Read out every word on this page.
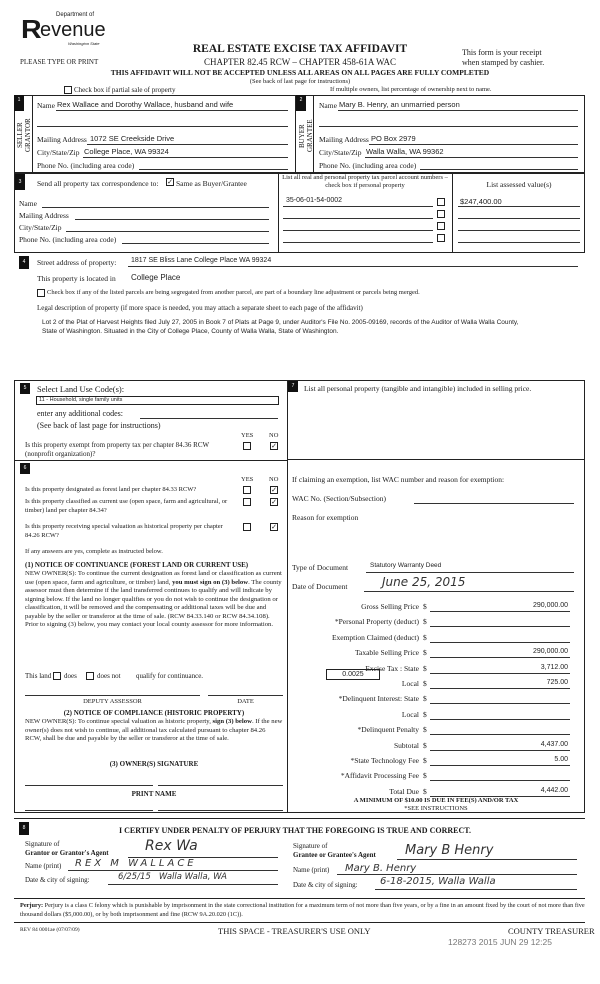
Department of
R
evenue
Washington State
PLEASE TYPE OR PRINT
REAL ESTATE EXCISE TAX AFFIDAVIT
CHAPTER 82.45 RCW – CHAPTER 458-61A WAC
This form is your receipt
when stamped by cashier.
THIS AFFIDAVIT WILL NOT BE ACCEPTED UNLESS ALL AREAS ON ALL PAGES ARE FULLY COMPLETED
(See back of last page for instructions)
Check box if partial sale of property	If multiple owners, list percentage of ownership next to name.
1
SELLER GRANTOR
Name Rex Wallace and Dorothy Wallace, husband and wife
Mailing Address 1072 SE Creekside Drive
City/State/Zip College Place, WA 99324
Phone No. (including area code)
2
BUYER GRANTEE
Name Mary B. Henry, an unmarried person
Mailing Address PO Box 2979
City/State/Zip Walla Walla, WA 99362
Phone No. (including area code)
3	Send all property tax correspondence to: ✓ Same as Buyer/Grantee
Name
Mailing Address
City/State/Zip
Phone No. (including area code)
List all real and personal property tax parcel account numbers – check box if personal property	List assessed value(s)
35-06-01-54-0002	$247,400.00
4	Street address of property: 1817 SE Bliss Lane College Place WA 99324
This property is located in College Place
Check box if any of the listed parcels are being segregated from another parcel, are part of a boundary line adjustment or parcels being merged.
Legal description of property (if more space is needed, you may attach a separate sheet to each page of the affidavit)
Lot 2 of the Plat of Harvest Heights filed July 27, 2005 in Book 7 of Plats at Page 9, under Auditor's File No. 2005-09169, records of the Auditor of Walla Walla County, State of Washington. Situated in the City of College Place, County of Walla Walla, State of Washington.
5	Select Land Use Code(s):
11 - Household, single family units
enter any additional codes:
(See back of last page for instructions)
YES NO
Is this property exempt from property tax per chapter 84.36 RCW (nonprofit organization)?
✓
6
YES NO
Is this property designated as forest land per chapter 84.33 RCW?	✓
Is this property classified as current use (open space, farm and agricultural, or timber) land per chapter 84.34?
✓
Is this property receiving special valuation as historical property per chapter 84.26 RCW?
✓
If any answers are yes, complete as instructed below.
(1) NOTICE OF CONTINUANCE (FOREST LAND OR CURRENT USE)
NEW OWNER(S): To continue the current designation as forest land or classification as current use (open space, farm and agriculture, or timber) land, you must sign on (3) below. The county assessor must then determine if the land transferred continues to qualify and will indicate by signing below. If the land no longer qualifies or you do not wish to continue the designation or classification, it will be removed and the compensating or additional taxes will be due and payable by the seller or transferor at the time of sale. (RCW 84.33.140 or RCW 84.34.108). Prior to signing (3) below, you may contact your local county assessor for more information.
This land does	does not qualify for continuance.
DEPUTY ASSESSOR	DATE
(2) NOTICE OF COMPLIANCE (HISTORIC PROPERTY)
NEW OWNER(S): To continue special valuation as historic property, sign (3) below. If the new owner(s) does not wish to continue, all additional tax calculated pursuant to chapter 84.26 RCW, shall be due and payable by the seller or transferor at the time of sale.
(3) OWNER(S) SIGNATURE
PRINT NAME
7	List all personal property (tangible and intangible) included in selling price.
If claiming an exemption, list WAC number and reason for exemption:
WAC No. (Section/Subsection)
Reason for exemption
Type of Document	Statutory Warranty Deed
Date of Document	June 25, 2015
Gross Selling Price $	290,000.00
*Personal Property (deduct) $
Exemption Claimed (deduct) $
Taxable Selling Price $	290,000.00
Excise Tax : State $	3,712.00
Local $	725.00
*Delinquent Interest: State $
Local $
*Delinquent Penalty $
Subtotal $	4,437.00
*State Technology Fee $	5.00
*Affidavit Processing Fee $
Total Due $	4,442.00
0.0025
A MINIMUM OF $10.00 IS DUE IN FEE(S) AND/OR TAX
*SEE INSTRUCTIONS
8	I CERTIFY UNDER PENALTY OF PERJURY THAT THE FOREGOING IS TRUE AND CORRECT.
Signature of
Grantor or Grantor's Agent	Rex Wa
Name (print) REX M WALLACE
Date & city of signing:	6/25/15   Walla Walla, WA
Signature of
Grantee or Grantee's Agent Mary B Henry
Name (print) Mary B. Henry
Date & city of signing: 6-18-2015, Walla Walla
Perjury: Perjury is a class C felony which is punishable by imprisonment in the state correctional institution for a maximum term of not more than five years, or by a fine in an amount fixed by the court of not more than five thousand dollars ($5,000.00), or by both imprisonment and fine (RCW 9A.20.020 (1C)).
REV 84 0001ae (07/07/09)	THIS SPACE - TREASURER'S USE ONLY	COUNTY TREASURER
128273 2015 JUN 29 12:25
